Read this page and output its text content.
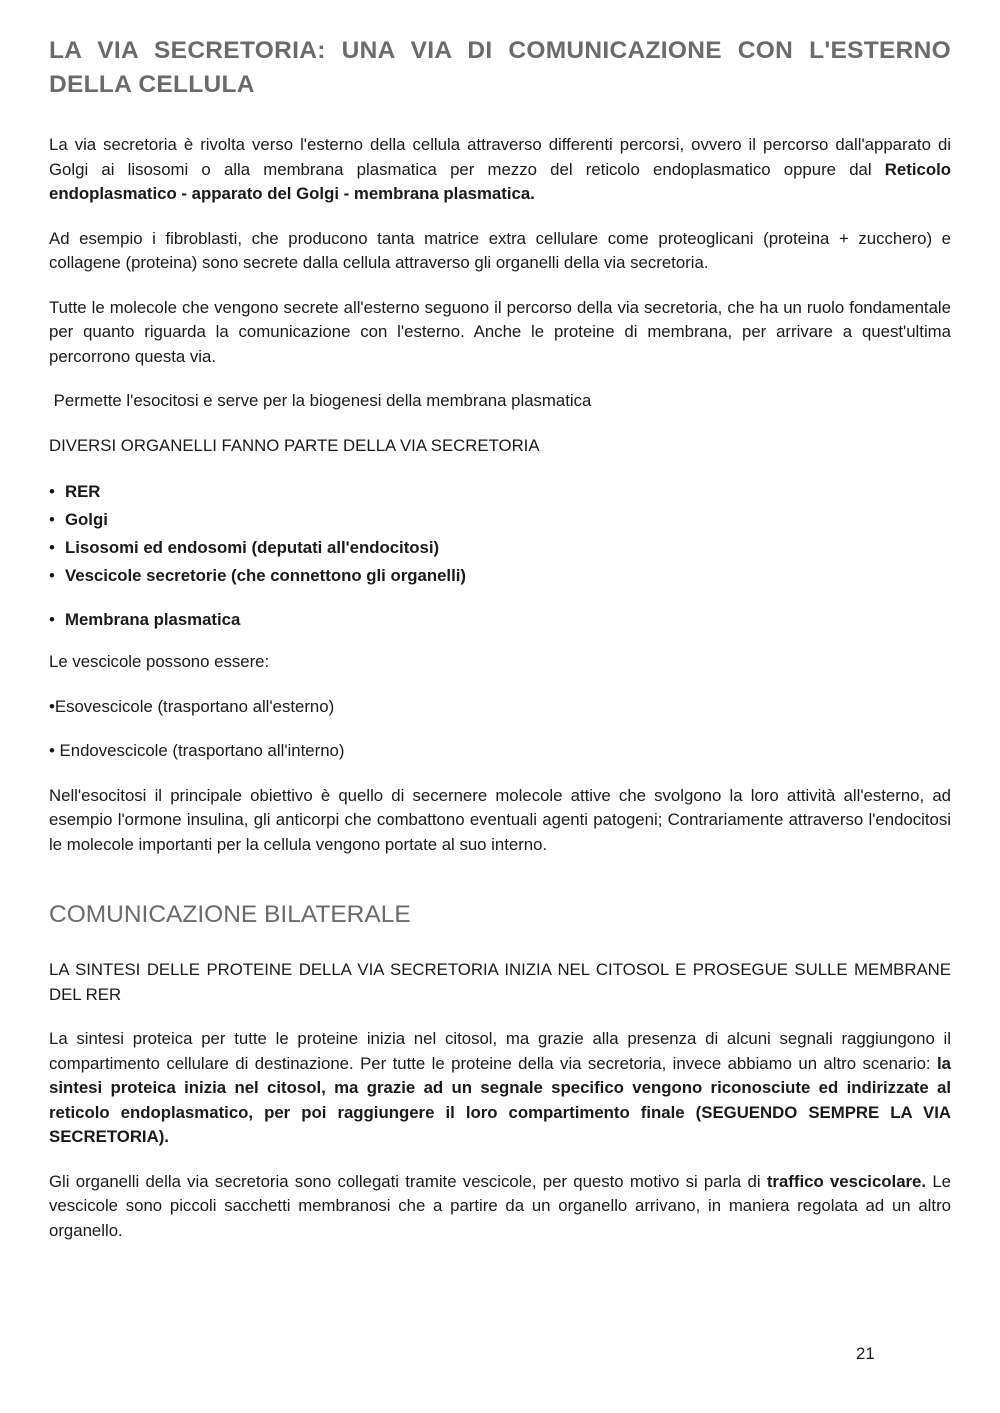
LA VIA SECRETORIA: UNA VIA DI COMUNICAZIONE CON L'ESTERNO DELLA CELLULA

La via secretoria è rivolta verso l'esterno della cellula attraverso differenti percorsi, ovvero il percorso dall'apparato di Golgi ai lisosomi o alla membrana plasmatica per mezzo del reticolo endoplasmatico oppure dal Reticolo endoplasmatico - apparato del Golgi - membrana plasmatica.

Ad esempio i fibroblasti, che producono tanta matrice extra cellulare come proteoglicani (proteina + zucchero) e collagene (proteina) sono secrete dalla cellula attraverso gli organelli della via secretoria.

Tutte le molecole che vengono secrete all'esterno seguono il percorso della via secretoria, che ha un ruolo fondamentale per quanto riguarda la comunicazione con l'esterno. Anche le proteine di membrana, per arrivare a quest'ultima percorrono questa via.

Permette l'esocitosi e serve per la biogenesi della membrana plasmatica

DIVERSI ORGANELLI FANNO PARTE DELLA VIA SECRETORIA

• RER
• Golgi
• Lisosomi ed endosomi (deputati all'endocitosi)
• Vescicole secretorie (che connettono gli organelli)
• Membrana plasmatica

Le vescicole possono essere:

•Esovescicole (trasportano all'esterno)

• Endovescicole (trasportano all'interno)

Nell'esocitosi il principale obiettivo è quello di secernere molecole attive che svolgono la loro attività all'esterno, ad esempio l'ormone insulina, gli anticorpi che combattono eventuali agenti patogeni; Contrariamente attraverso l'endocitosi le molecole importanti per la cellula vengono portate al suo interno.

COMUNICAZIONE BILATERALE

LA SINTESI DELLE PROTEINE DELLA VIA SECRETORIA INIZIA NEL CITOSOL E PROSEGUE SULLE MEMBRANE DEL RER

La sintesi proteica per tutte le proteine inizia nel citosol, ma grazie alla presenza di alcuni segnali raggiungono il compartimento cellulare di destinazione. Per tutte le proteine della via secretoria, invece abbiamo un altro scenario: la sintesi proteica inizia nel citosol, ma grazie ad un segnale specifico vengono riconosciute ed indirizzate al reticolo endoplasmatico, per poi raggiungere il loro compartimento finale (SEGUENDO SEMPRE LA VIA SECRETORIA).

Gli organelli della via secretoria sono collegati tramite vescicole, per questo motivo si parla di traffico vescicolare. Le vescicole sono piccoli sacchetti membranosi che a partire da un organello arrivano, in maniera regolata ad un altro organello.

21
